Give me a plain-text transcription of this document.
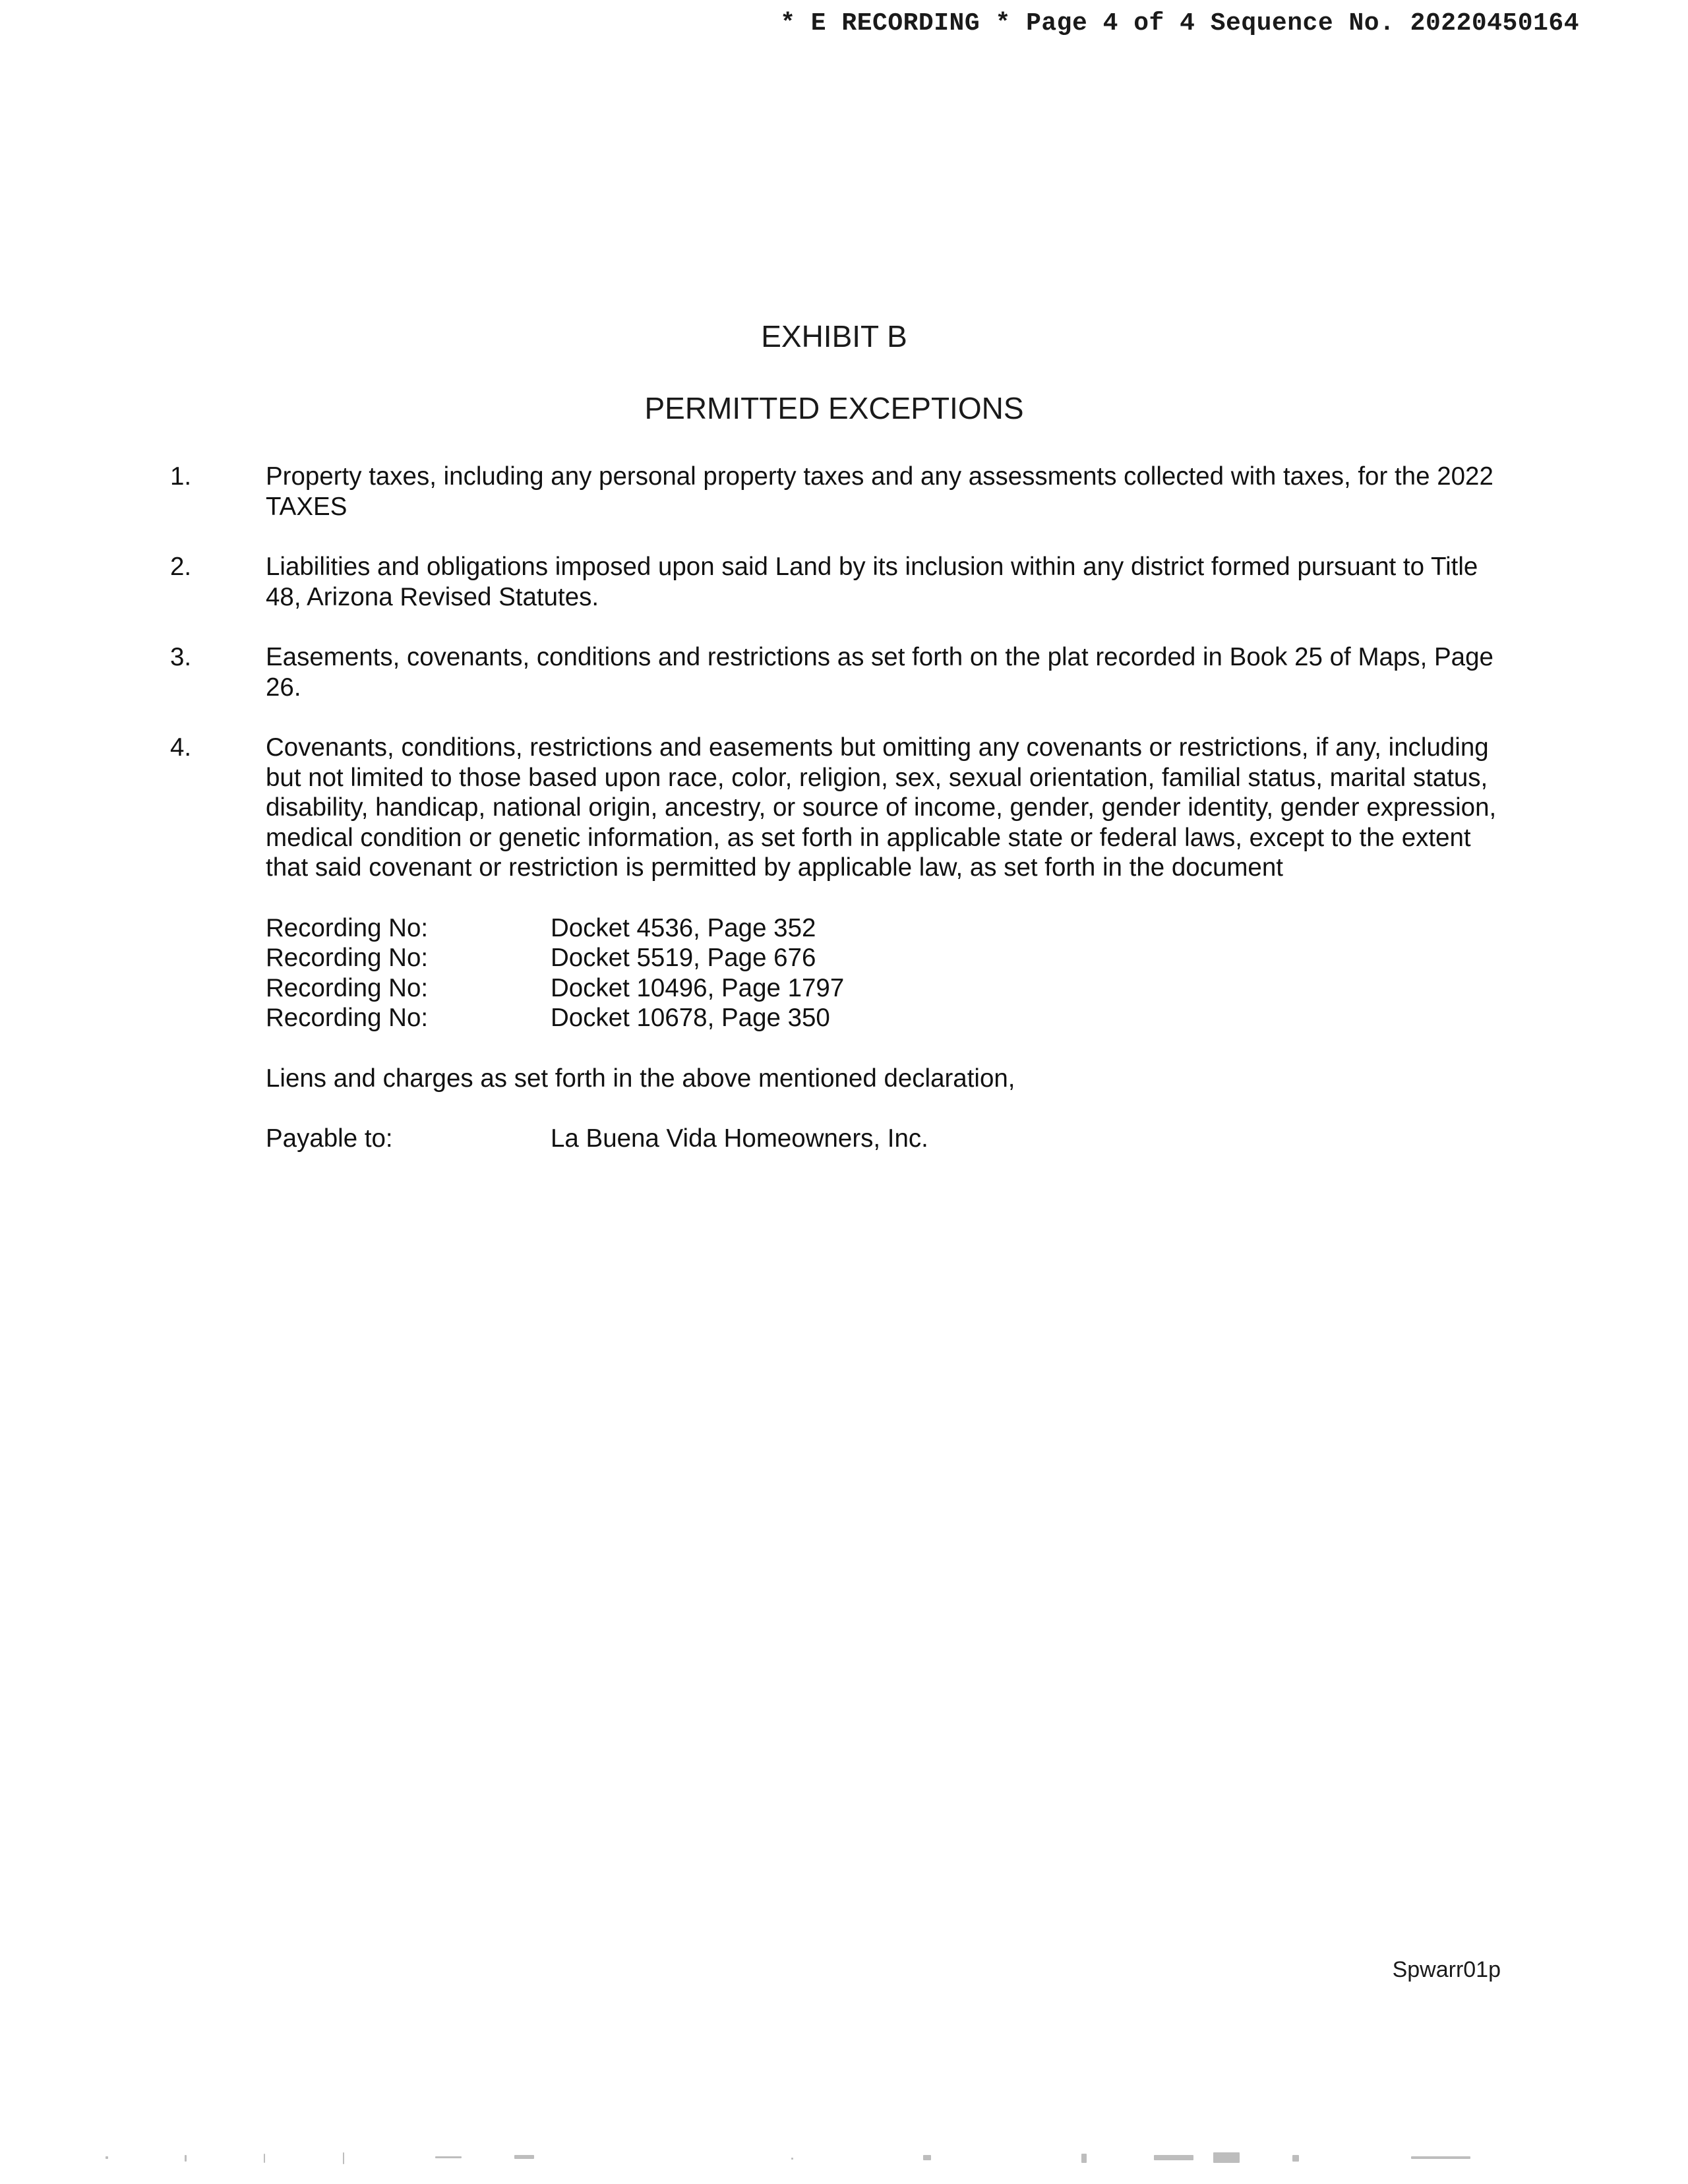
* E RECORDING * Page 4 of 4 Sequence No. 20220450164
EXHIBIT B
PERMITTED EXCEPTIONS
1.	Property taxes, including any personal property taxes and any assessments collected with taxes, for the 2022 TAXES
2.	Liabilities and obligations imposed upon said Land by its inclusion within any district formed pursuant to Title 48, Arizona Revised Statutes.
3.	Easements, covenants, conditions and restrictions as set forth on the plat recorded in Book 25 of Maps, Page 26.
4.	Covenants, conditions, restrictions and easements but omitting any covenants or restrictions, if any, including but not limited to those based upon race, color, religion, sex, sexual orientation, familial status, marital status, disability, handicap, national origin, ancestry, or source of income, gender, gender identity, gender expression, medical condition or genetic information, as set forth in applicable state or federal laws, except to the extent that said covenant or restriction is permitted by applicable law, as set forth in the document
Recording No:	Docket 4536, Page 352
Recording No:	Docket 5519, Page 676
Recording No:	Docket 10496, Page 1797
Recording No:	Docket 10678, Page 350
Liens and charges as set forth in the above mentioned declaration,
Payable to:	La Buena Vida Homeowners, Inc.
Spwarr01p
